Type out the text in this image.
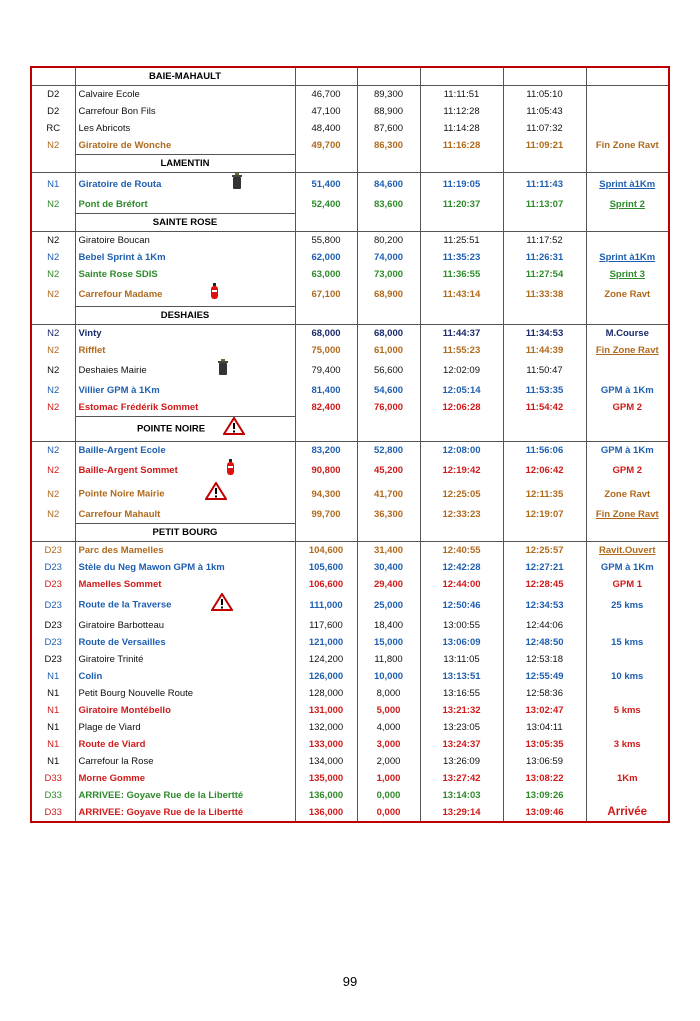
	BAIE-MAHAULT					
D2	Calvaire Ecole	46,700	89,300	11:11:51	11:05:10	
D2	Carrefour Bon Fils	47,100	88,900	11:12:28	11:05:43	
RC	Les Abricots	48,400	87,600	11:14:28	11:07:32	
N2	Giratoire de Wonche	49,700	86,300	11:16:28	11:09:21	Fin Zone Ravt
	LAMENTIN					
N1	Giratoire de Routa	51,400	84,600	11:19:05	11:11:43	Sprint à1Km
N2	Pont de Bréfort	52,400	83,600	11:20:37	11:13:07	Sprint 2
	SAINTE ROSE					
N2	Giratoire Boucan	55,800	80,200	11:25:51	11:17:52	
N2	Bebel Sprint à 1Km	62,000	74,000	11:35:23	11:26:31	Sprint à1Km
N2	Sainte Rose SDIS	63,000	73,000	11:36:55	11:27:54	Sprint 3
N2	Carrefour Madame	67,100	68,900	11:43:14	11:33:38	Zone Ravt
	DESHAIES					
N2	Vinty	68,000	68,000	11:44:37	11:34:53	M.Course
N2	Rifflet	75,000	61,000	11:55:23	11:44:39	Fin Zone Ravt
N2	Deshaies Mairie	79,400	56,600	12:02:09	11:50:47	
N2	Villier GPM à 1Km	81,400	54,600	12:05:14	11:53:35	GPM à 1Km
N2	Estomac Frédérik Sommet	82,400	76,000	12:06:28	11:54:42	GPM 2
	POINTE NOIRE					
N2	Baille-Argent Ecole	83,200	52,800	12:08:00	11:56:06	GPM à 1Km
N2	Baille-Argent Sommet	90,800	45,200	12:19:42	12:06:42	GPM 2
N2	Pointe Noire Mairie	94,300	41,700	12:25:05	12:11:35	Zone Ravt
N2	Carrefour Mahault	99,700	36,300	12:33:23	12:19:07	Fin Zone Ravt
	PETIT BOURG					
D23	Parc des Mamelles	104,600	31,400	12:40:55	12:25:57	Ravit.Ouvert
D23	Stèle du Neg Mawon GPM à 1km	105,600	30,400	12:42:28	12:27:21	GPM à 1Km
D23	Mamelles Sommet	106,600	29,400	12:44:00	12:28:45	GPM 1
D23	Route de la Traverse	111,000	25,000	12:50:46	12:34:53	25 kms
D23	Giratoire Barbotteau	117,600	18,400	13:00:55	12:44:06	
D23	Route de Versailles	121,000	15,000	13:06:09	12:48:50	15 kms
D23	Giratoire Trinité	124,200	11,800	13:11:05	12:53:18	
N1	Colin	126,000	10,000	13:13:51	12:55:49	10 kms
N1	Petit Bourg Nouvelle Route	128,000	8,000	13:16:55	12:58:36	
N1	Giratoire Montébello	131,000	5,000	13:21:32	13:02:47	5 kms
N1	Plage de Viard	132,000	4,000	13:23:05	13:04:11	
N1	Route de Viard	133,000	3,000	13:24:37	13:05:35	3 kms
N1	Carrefour la Rose	134,000	2,000	13:26:09	13:06:59	
D33	Morne Gomme	135,000	1,000	13:27:42	13:08:22	1Km
D33	ARRIVEE: Goyave Rue de la Libertté	136,000	0,000	13:14:03	13:09:26	
D33	ARRIVEE: Goyave Rue de la Libertté	136,000	0,000	13:29:14	13:09:46	Arrivée
99
